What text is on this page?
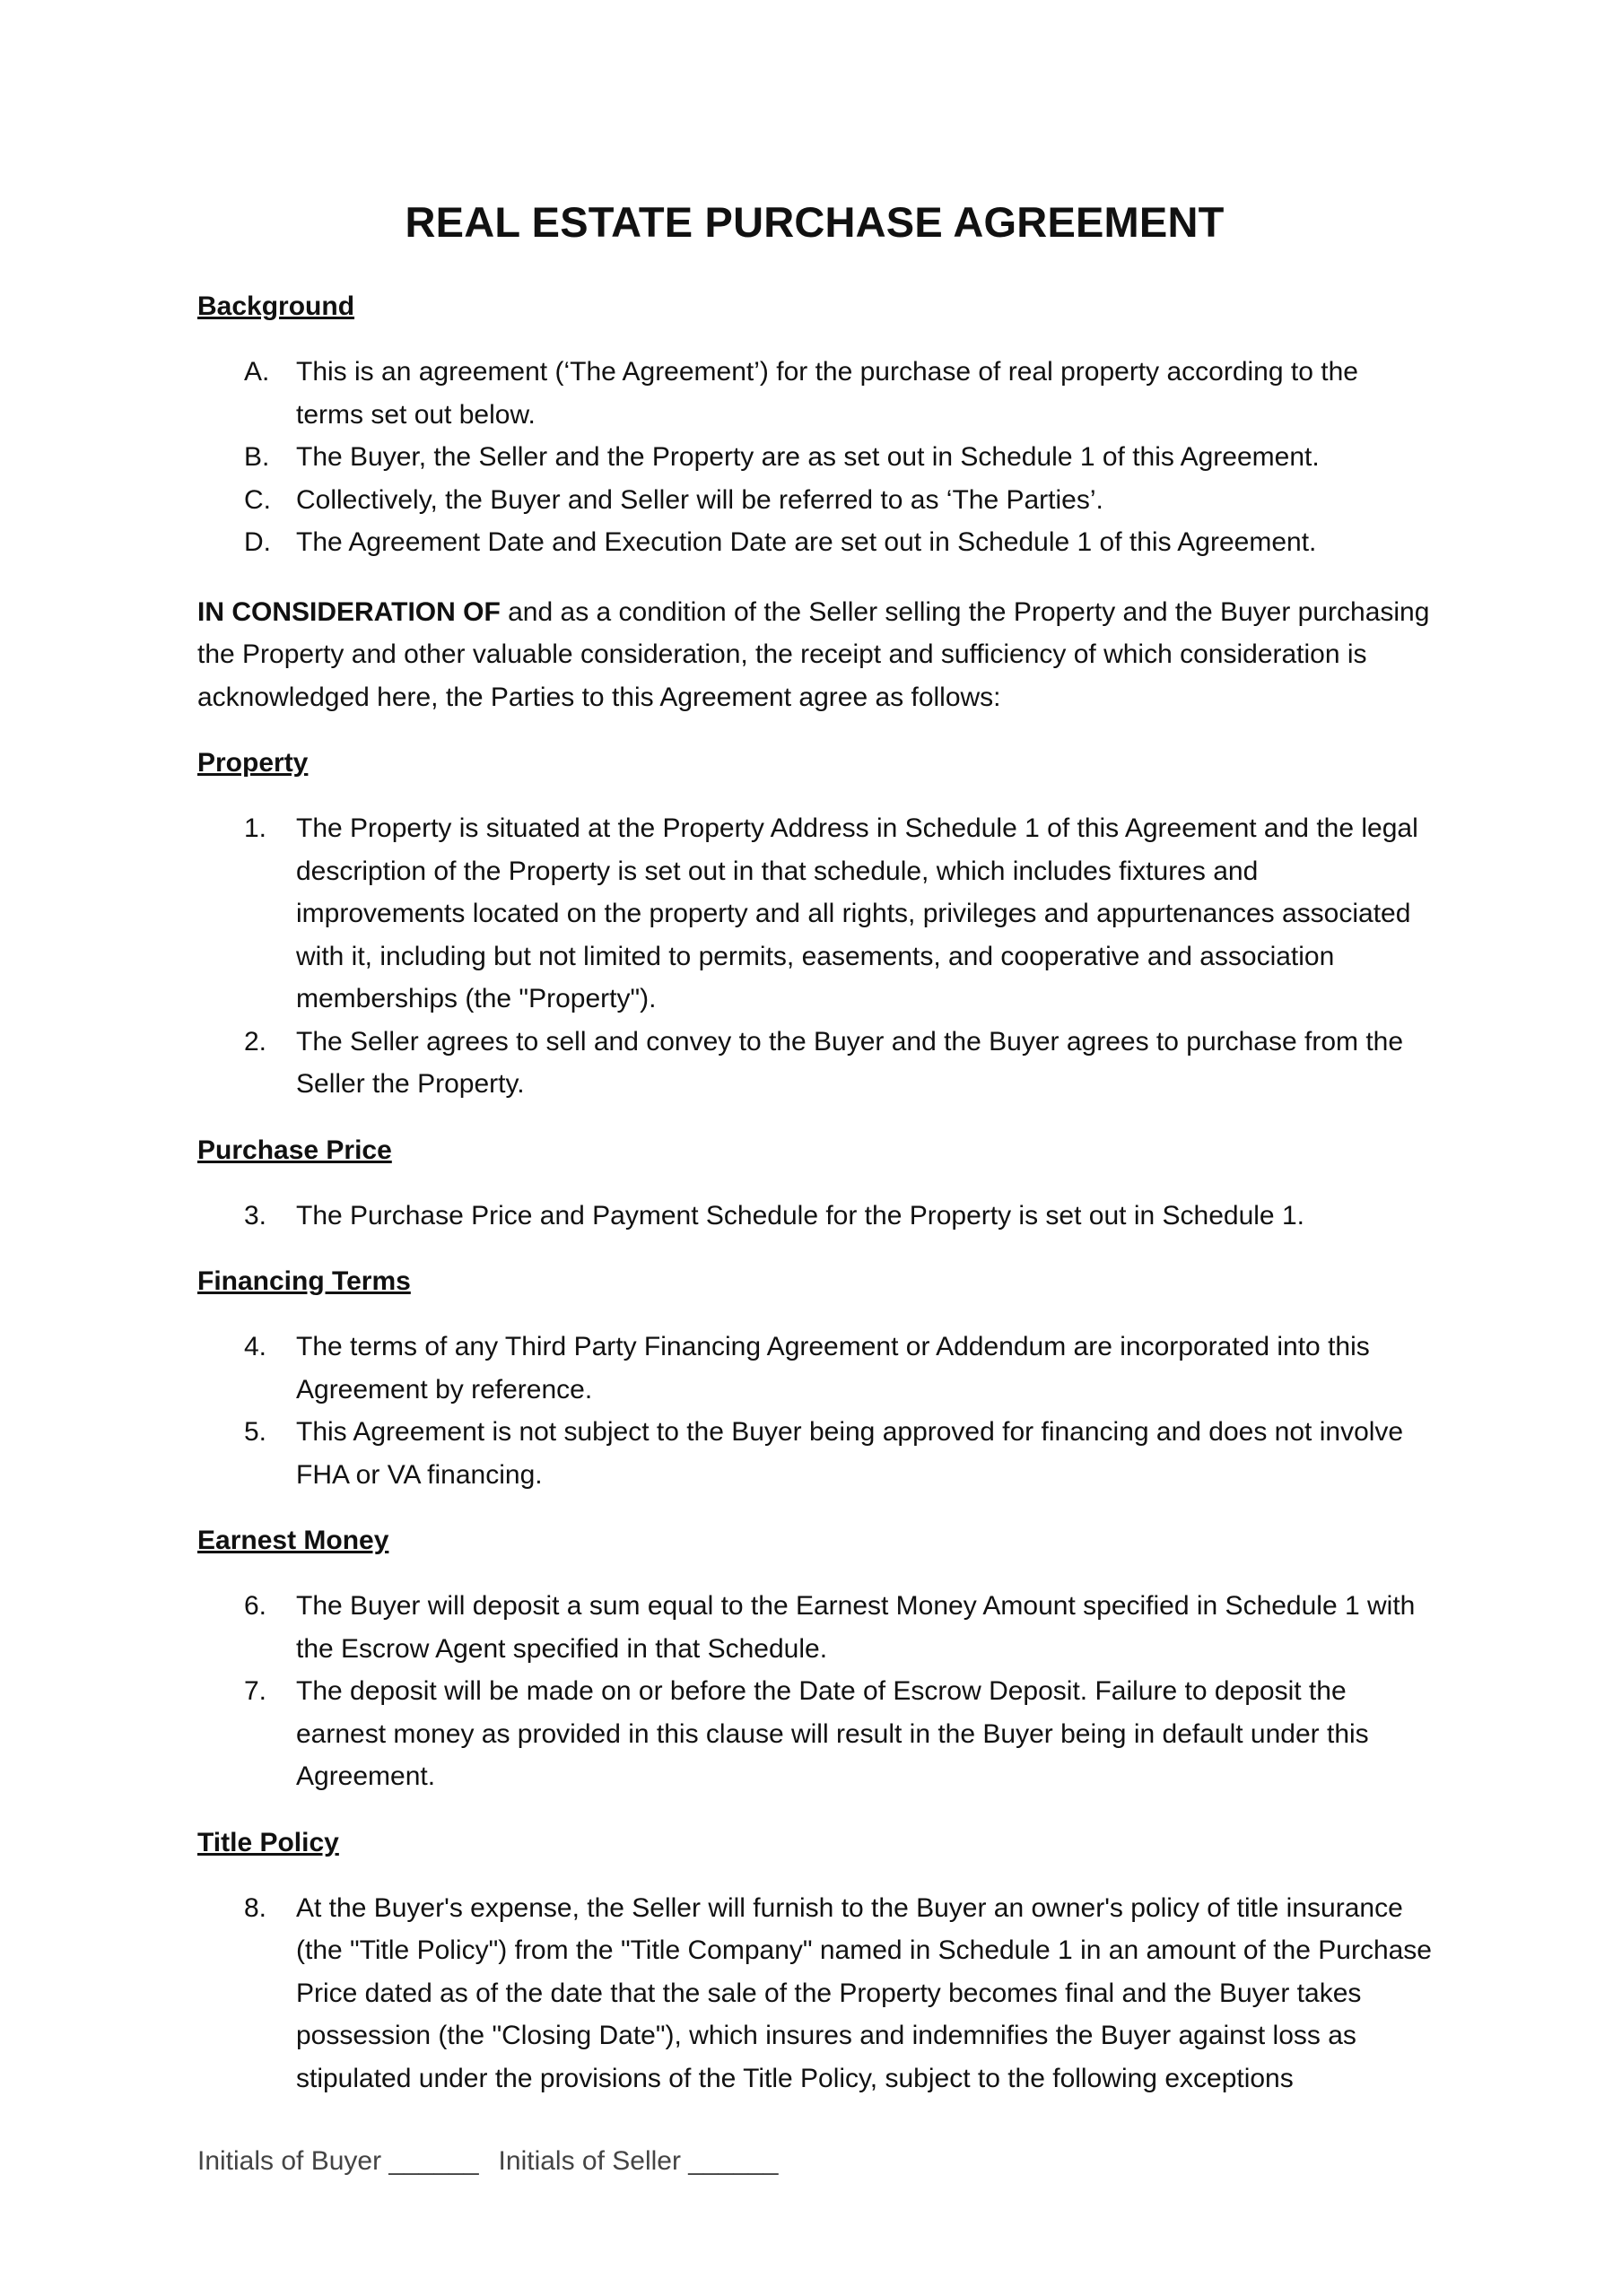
REAL ESTATE PURCHASE AGREEMENT
Background
A. This is an agreement (‘The Agreement’) for the purchase of real property according to the terms set out below.
B. The Buyer, the Seller and the Property are as set out in Schedule 1 of this Agreement.
C. Collectively, the Buyer and Seller will be referred to as ‘The Parties’.
D. The Agreement Date and Execution Date are set out in Schedule 1 of this Agreement.

IN CONSIDERATION OF and as a condition of the Seller selling the Property and the Buyer purchasing the Property and other valuable consideration, the receipt and sufficiency of which consideration is acknowledged here, the Parties to this Agreement agree as follows:

Property
1. The Property is situated at the Property Address in Schedule 1 of this Agreement and the legal description of the Property is set out in that schedule, which includes fixtures and improvements located on the property and all rights, privileges and appurtenances associated with it, including but not limited to permits, easements, and cooperative and association memberships (the "Property").
2. The Seller agrees to sell and convey to the Buyer and the Buyer agrees to purchase from the Seller the Property.
Purchase Price
3. The Purchase Price and Payment Schedule for the Property is set out in Schedule 1.
Financing Terms
4. The terms of any Third Party Financing Agreement or Addendum are incorporated into this Agreement by reference.
5. This Agreement is not subject to the Buyer being approved for financing and does not involve FHA or VA financing.
Earnest Money
6. The Buyer will deposit a sum equal to the Earnest Money Amount specified in Schedule 1 with the Escrow Agent specified in that Schedule.
7. The deposit will be made on or before the Date of Escrow Deposit. Failure to deposit the earnest money as provided in this clause will result in the Buyer being in default under this Agreement.
Title Policy
8. At the Buyer's expense, the Seller will furnish to the Buyer an owner's policy of title insurance (the "Title Policy") from the "Title Company" named in Schedule 1 in an amount of the Purchase Price dated as of the date that the sale of the Property becomes final and the Buyer takes possession (the "Closing Date"), which insures and indemnifies the Buyer against loss as stipulated under the provisions of the Title Policy, subject to the following exceptions
Initials of Buyer ______ Initials of Seller ______
